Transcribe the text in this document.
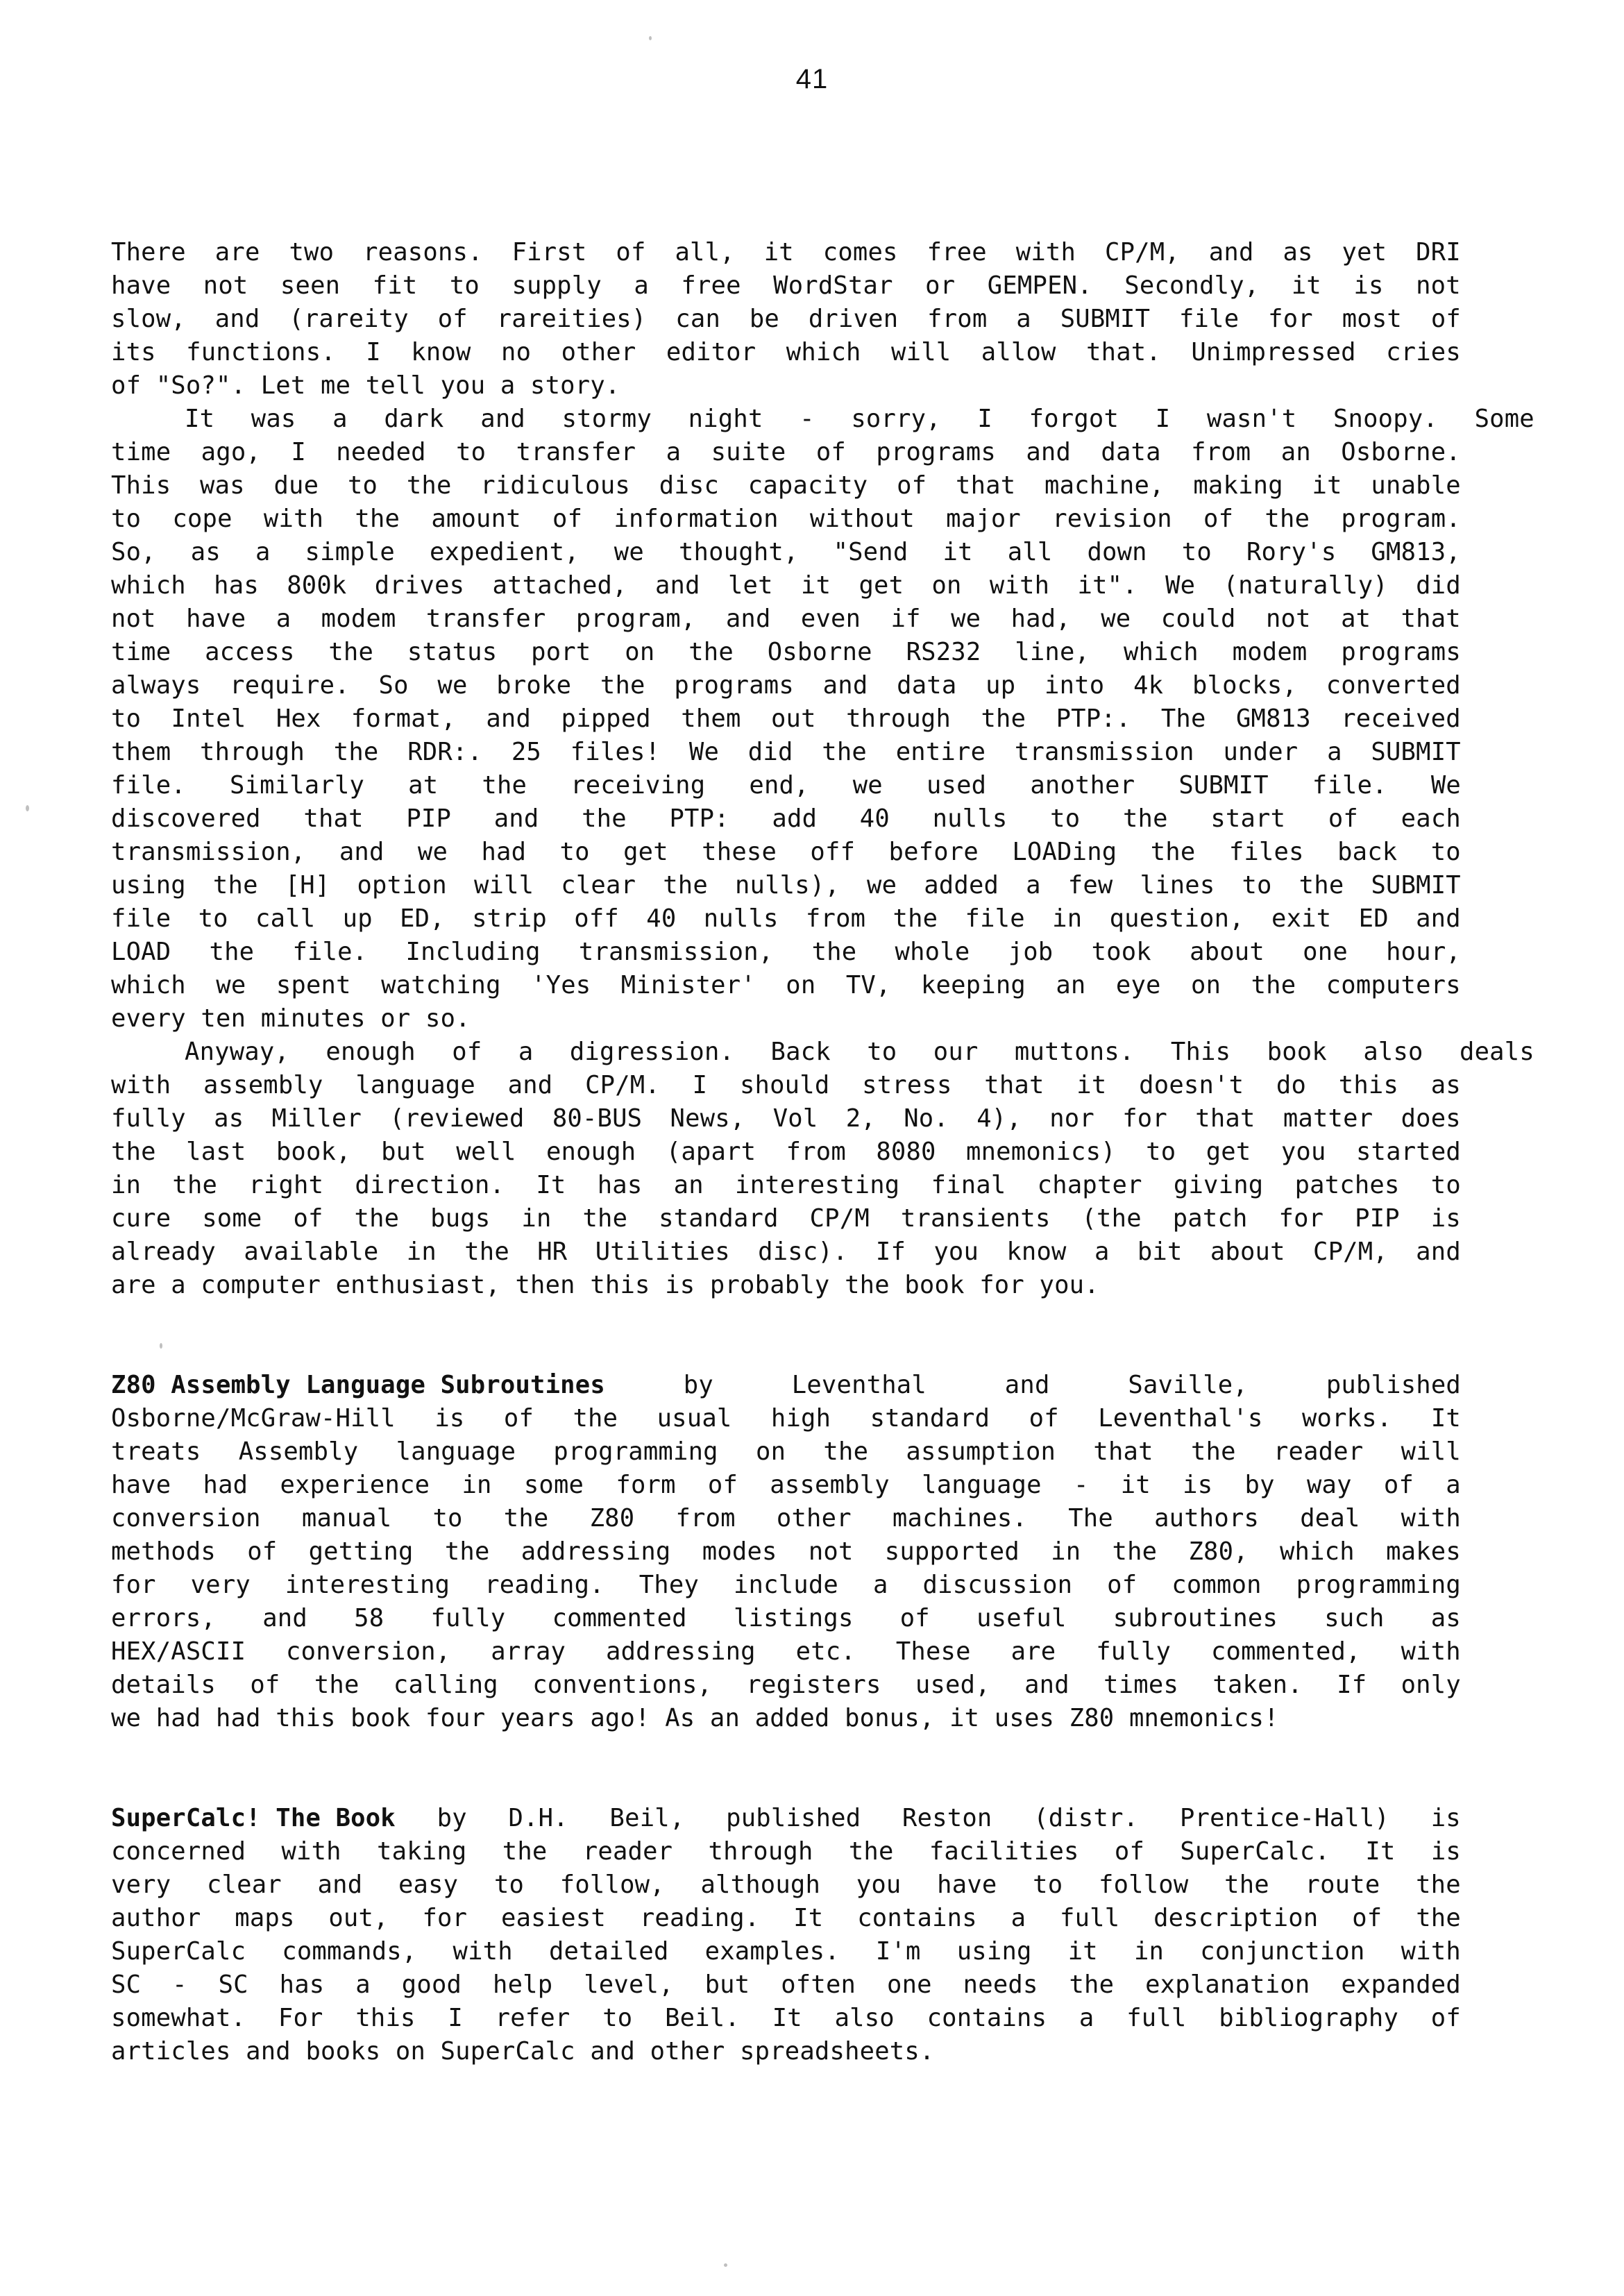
41
There are two reasons. First of all, it comes free with CP/M, and as yet DRI
have not seen fit to supply a free WordStar or GEMPEN. Secondly, it is not
slow, and (rareity of rareities) can be driven from a SUBMIT file for most of
its functions. I know no other editor which will allow that. Unimpressed cries
of "So?". Let me tell you a story.
It was a dark and stormy night - sorry, I forgot I wasn't Snoopy. Some
time ago, I needed to transfer a suite of programs and data from an Osborne.
This was due to the ridiculous disc capacity of that machine, making it unable
to cope with the amount of information without major revision of the program.
So, as a simple expedient, we thought, "Send it all down to Rory's GM813,
which has 800k drives attached, and let it get on with it". We (naturally) did
not have a modem transfer program, and even if we had, we could not at that
time access the status port on the Osborne RS232 line, which modem programs
always require. So we broke the programs and data up into 4k blocks, converted
to Intel Hex format, and pipped them out through the PTP:. The GM813 received
them through the RDR:. 25 files! We did the entire transmission under a SUBMIT
file. Similarly at the receiving end, we used another SUBMIT file. We
discovered that PIP and the PTP: add 40 nulls to the start of each
transmission, and we had to get these off before LOADing the files back to
using the [H] option will clear the nulls), we added a few lines to the SUBMIT
file to call up ED, strip off 40 nulls from the file in question, exit ED and
LOAD the file. Including transmission, the whole job took about one hour,
which we spent watching 'Yes Minister' on TV, keeping an eye on the computers
every ten minutes or so.
Anyway, enough of a digression. Back to our muttons. This book also deals
with assembly language and CP/M. I should stress that it doesn't do this as
fully as Miller (reviewed 80-BUS News, Vol 2, No. 4), nor for that matter does
the last book, but well enough (apart from 8080 mnemonics) to get you started
in the right direction. It has an interesting final chapter giving patches to
cure some of the bugs in the standard CP/M transients (the patch for PIP is
already available in the HR Utilities disc). If you know a bit about CP/M, and
are a computer enthusiast, then this is probably the book for you.
Z80 Assembly Language Subroutines	by	Leventhal	and	Saville,	published
Osborne/McGraw-Hill is of the usual high standard of Leventhal's works. It
treats Assembly language programming on the assumption that the reader will
have had experience in some form of assembly language - it is by way of a
conversion manual to the Z80 from other machines. The authors deal with
methods of getting the addressing modes not supported in the Z80, which makes
for very interesting reading. They include a discussion of common programming
errors, and 58 fully commented listings of useful subroutines such as
HEX/ASCII conversion, array addressing etc. These are fully commented, with
details of the calling conventions, registers used, and times taken. If only
we had had this book four years ago! As an added bonus, it uses Z80 mnemonics!
SuperCalc! The Book by D.H. Beil, published Reston (distr. Prentice-Hall) is
concerned with taking the reader through the facilities of SuperCalc. It is
very clear and easy to follow, although you have to follow the route the
author maps out, for easiest reading. It contains a full description of the
SuperCalc commands, with detailed examples. I'm using it in conjunction with
SC - SC has a good help level, but often one needs the explanation expanded
somewhat. For this I refer to Beil. It also contains a full bibliography of
articles and books on SuperCalc and other spreadsheets.
